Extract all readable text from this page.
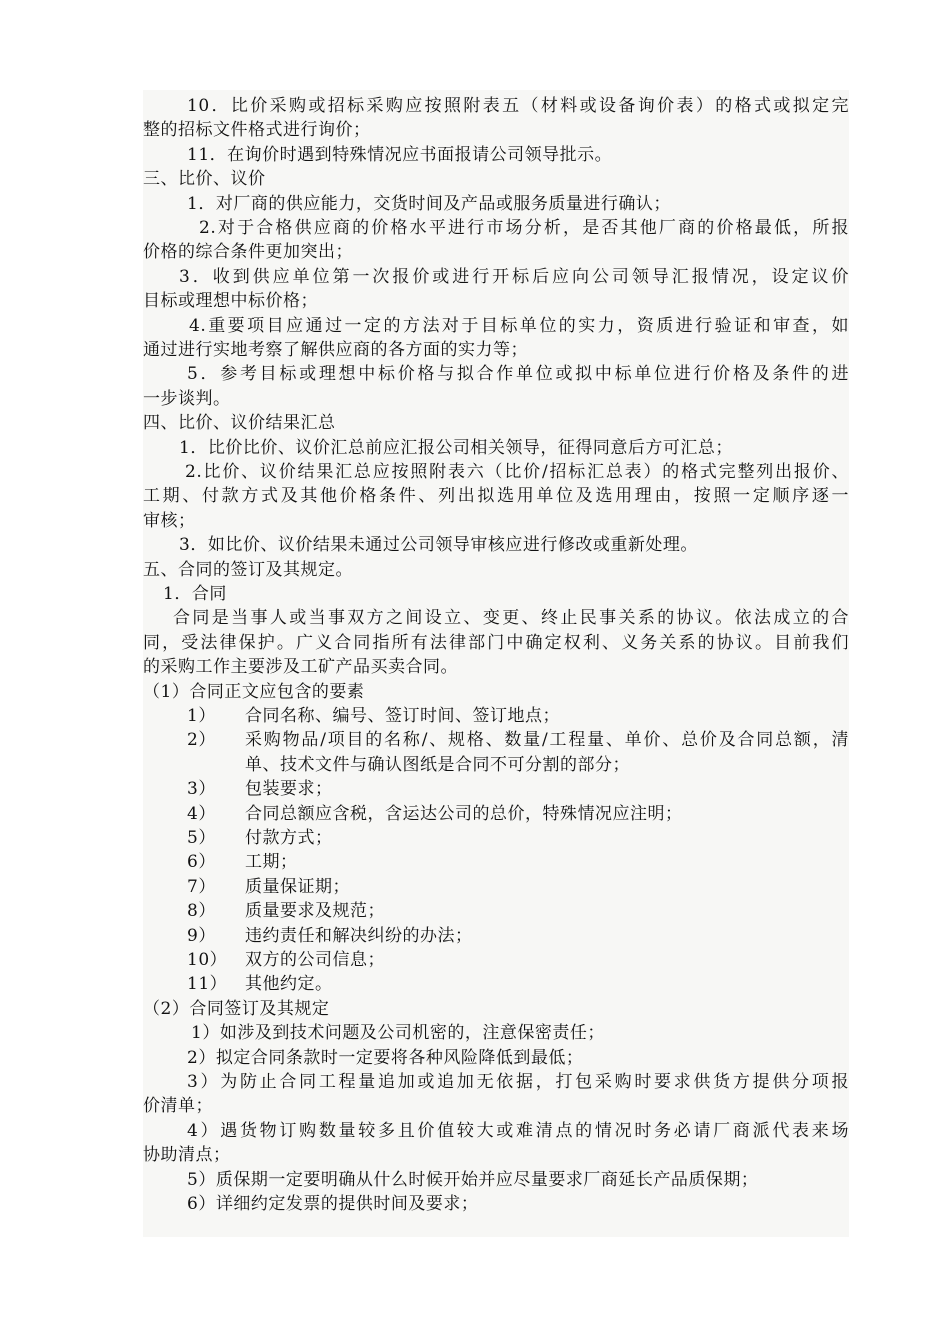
10．比价采购或招标采购应按照附表五（材料或设备询价表）的格式或拟定完
整的招标文件格式进行询价；
11．在询价时遇到特殊情况应书面报请公司领导批示。
三、比价、议价
1．对厂商的供应能力，交货时间及产品或服务质量进行确认；
2.对于合格供应商的价格水平进行市场分析，是否其他厂商的价格最低，所报
价格的综合条件更加突出；
3．收到供应单位第一次报价或进行开标后应向公司领导汇报情况，设定议价
目标或理想中标价格；
4.重要项目应通过一定的方法对于目标单位的实力，资质进行验证和审查，如
通过进行实地考察了解供应商的各方面的实力等；
5．参考目标或理想中标价格与拟合作单位或拟中标单位进行价格及条件的进
一步谈判。
四、比价、议价结果汇总
1．比价比价、议价汇总前应汇报公司相关领导，征得同意后方可汇总；
2.比价、议价结果汇总应按照附表六（比价/招标汇总表）的格式完整列出报价、
工期、付款方式及其他价格条件、列出拟选用单位及选用理由，按照一定顺序逐一
审核；
3．如比价、议价结果未通过公司领导审核应进行修改或重新处理。
五、合同的签订及其规定。
1．合同
合同是当事人或当事双方之间设立、变更、终止民事关系的协议。依法成立的合
同，受法律保护。广义合同指所有法律部门中确定权利、义务关系的协议。目前我们
的采购工作主要涉及工矿产品买卖合同。
（1）合同正文应包含的要素
1） 合同名称、编号、签订时间、签订地点；
2） 采购物品/项目的名称/、规格、数量/工程量、单价、总价及合同总额，清
单、技术文件与确认图纸是合同不可分割的部分；
3） 包装要求；
4） 合同总额应含税，含运达公司的总价，特殊情况应注明；
5） 付款方式；
6） 工期；
7） 质量保证期；
8） 质量要求及规范；
9） 违约责任和解决纠纷的办法；
10） 双方的公司信息；
11） 其他约定。
（2）合同签订及其规定
1）如涉及到技术问题及公司机密的，注意保密责任；
2）拟定合同条款时一定要将各种风险降低到最低；
3）为防止合同工程量追加或追加无依据，打包采购时要求供货方提供分项报
价清单；
4）遇货物订购数量较多且价值较大或难清点的情况时务必请厂商派代表来场
协助清点；
5）质保期一定要明确从什么时候开始并应尽量要求厂商延长产品质保期；
6）详细约定发票的提供时间及要求；
